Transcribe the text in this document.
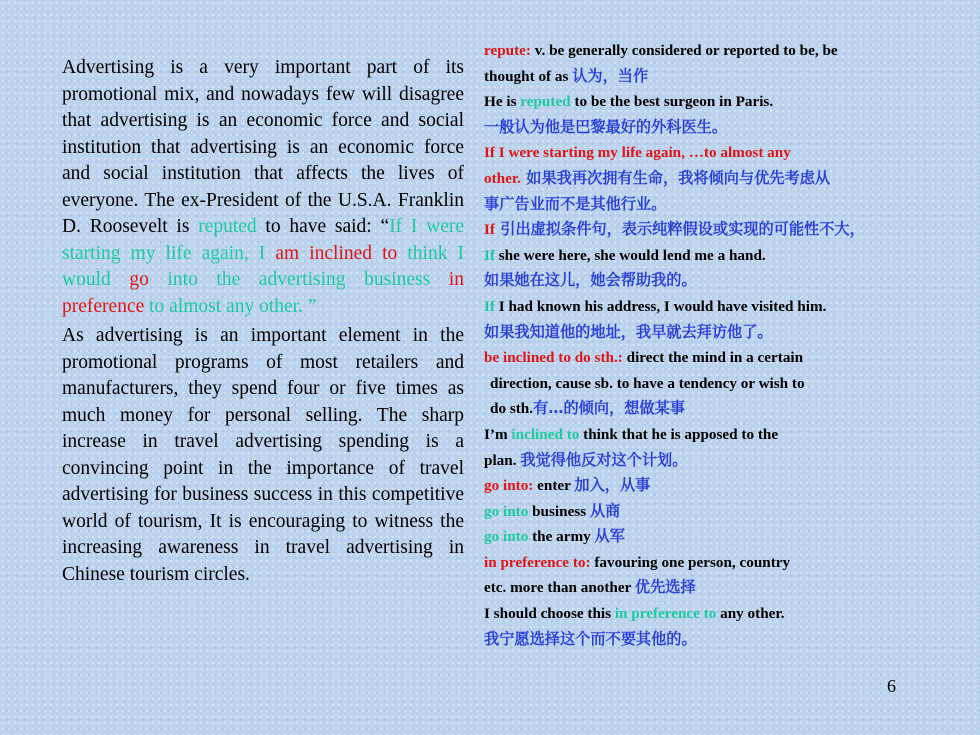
Advertising is a very important part of its promotional mix, and nowadays few will disagree that advertising is an economic force and social institution that advertising is an economic force and social institution that affects the lives of everyone. The ex-President of the U.S.A. Franklin D. Roosevelt is reputed to have said: “If I were starting my life again, I am inclined to think I would go into the advertising business in preference to almost any other. ”

As advertising is an important element in the promotional programs of most retailers and manufacturers, they spend four or five times as much money for personal selling. The sharp increase in travel advertising spending is a convincing point in the importance of travel advertising for business success in this competitive world of tourism, It is encouraging to witness the increasing awareness in travel advertising in Chinese tourism circles.

repute: v. be generally considered or reported to be, be
thought of as 认为，当作
He is reputed to be the best surgeon in Paris.
一般认为他是巴黎最好的外科医生。
If I were starting my life again, …to almost any
other. 如果我再次拥有生命，我将倾向与优先考虑从
事广告业而不是其他行业。
If 引出虚拟条件句，表示纯粹假设或实现的可能性不大，
If she were here, she would lend me a hand.
如果她在这儿，她会帮助我的。
If I had known his address, I would have visited him.
如果我知道他的地址，我早就去拜访他了。
be inclined to do sth.: direct the mind in a certain
direction, cause sb. to have a tendency or wish to
do sth.有…的倾向，想做某事
I’m inclined to think that he is apposed to the
plan. 我觉得他反对这个计划。
go into: enter 加入，从事
go into business 从商
go into the army 从军
in preference to: favouring one person, country
etc. more than another 优先选择
I should choose this in preference to any other.
我宁愿选择这个而不要其他的。
6
